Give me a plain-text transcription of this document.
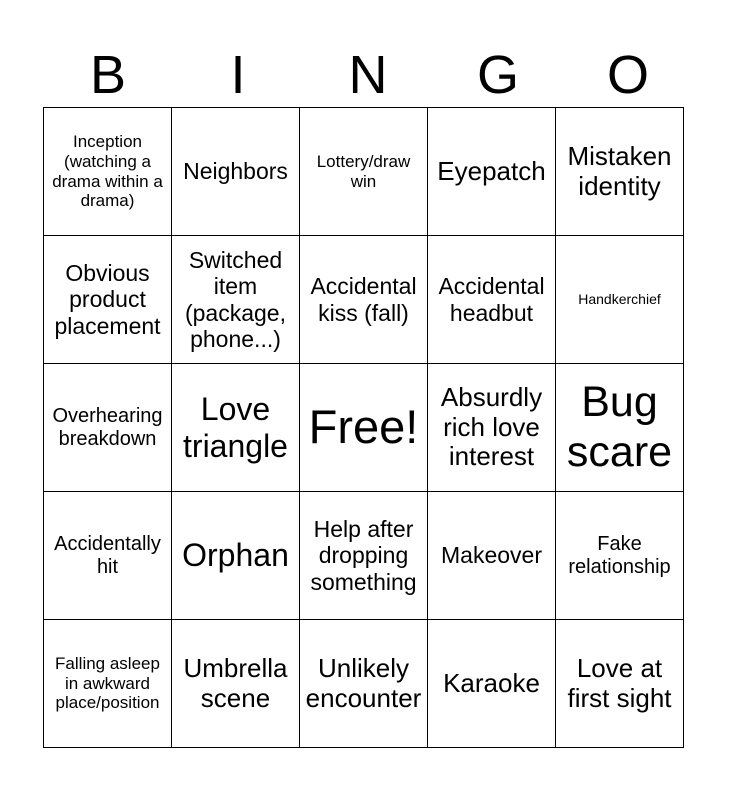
B	I	N	G	O
Inception (watching a drama within a drama)	Neighbors	Lottery/draw win	Eyepatch	Mistaken identity
Obvious product placement	Switched item (package, phone...)	Accidental kiss (fall)	Accidental headbut	Handkerchief
Overhearing breakdown	Love triangle	Free!	Absurdly rich love interest	Bug scare
Accidentally hit	Orphan	Help after dropping something	Makeover	Fake relationship
Falling asleep in awkward place/position	Umbrella scene	Unlikely encounter	Karaoke	Love at first sight
